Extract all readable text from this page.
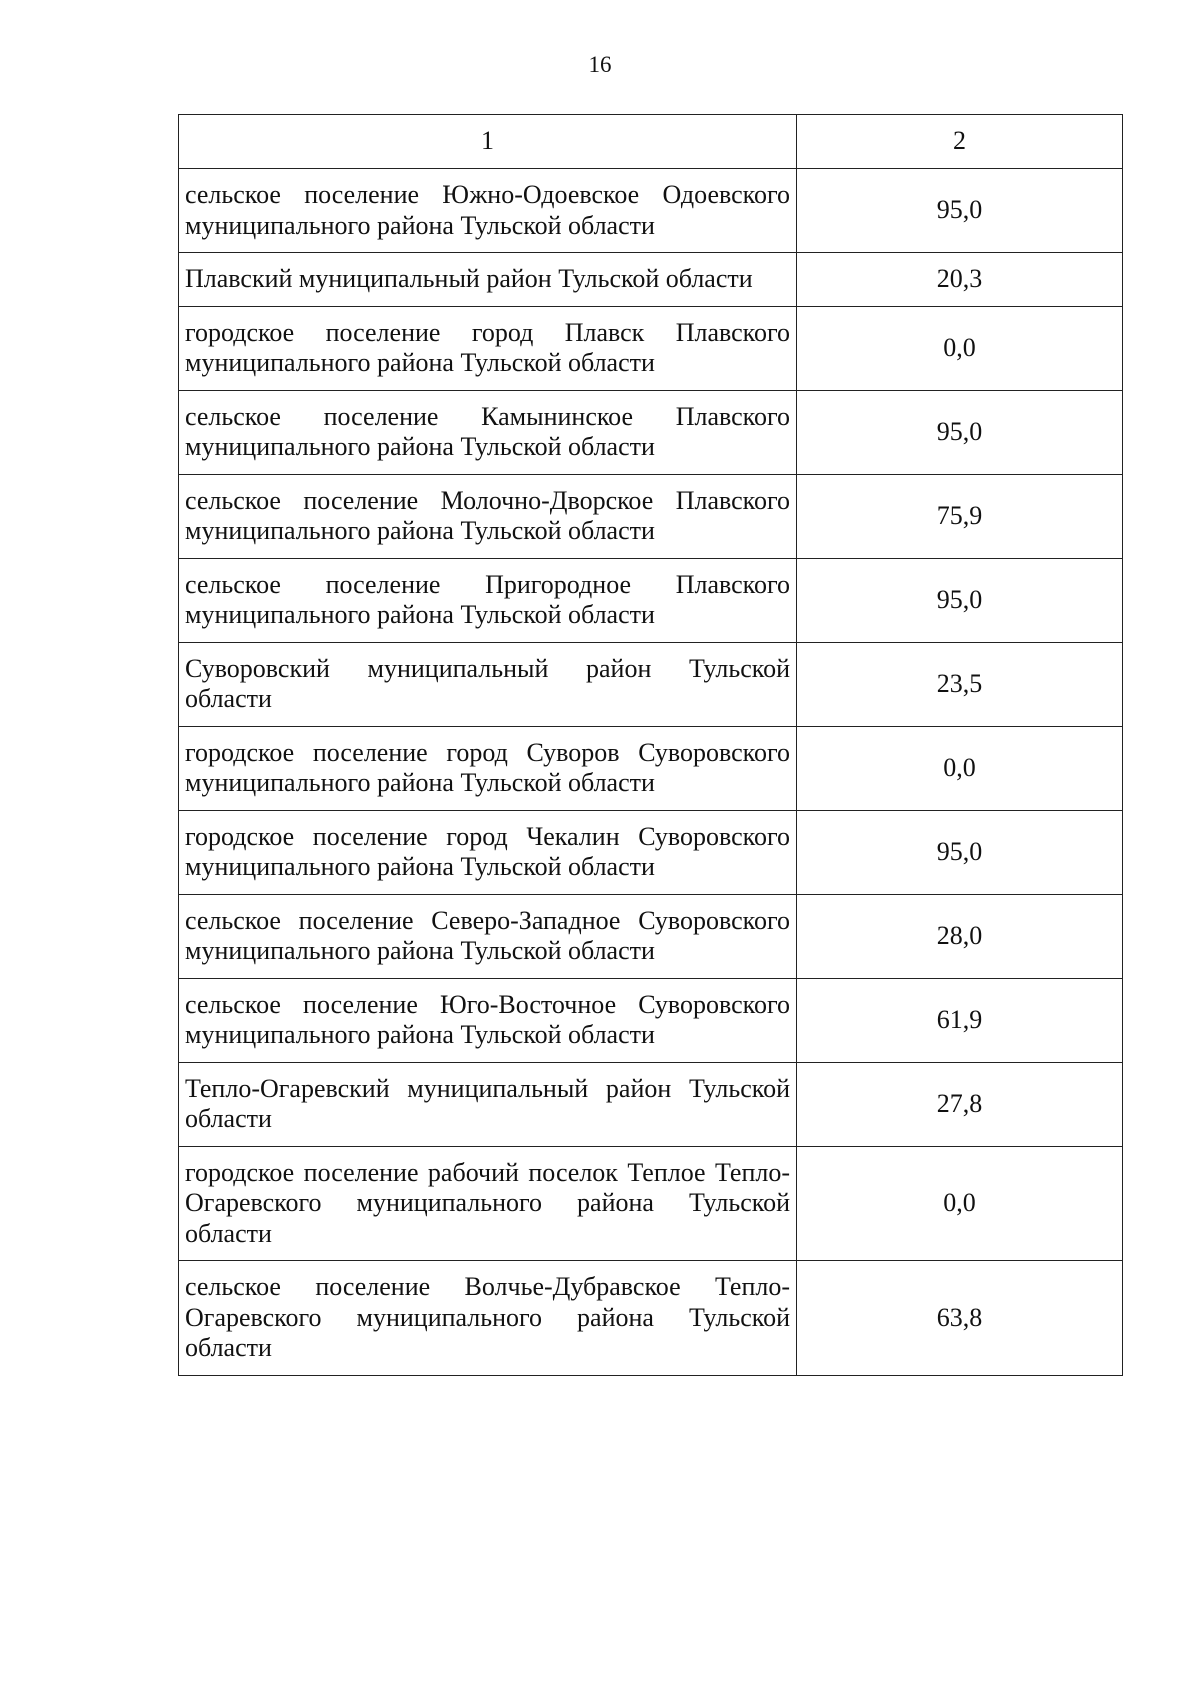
16
1	2
сельское поселение Южно-Одоевское Одоевского муниципального района Тульской области	95,0
Плавский муниципальный район Тульской области	20,3
городское поселение город Плавск Плавского муниципального района Тульской области	0,0
сельское поселение Камынинское Плавского муниципального района Тульской области	95,0
сельское поселение Молочно-Дворское Плавского муниципального района Тульской области	75,9
сельское поселение Пригородное Плавского муниципального района Тульской области	95,0
Суворовский муниципальный район Тульской области	23,5
городское поселение город Суворов Суворовского муниципального района Тульской области	0,0
городское поселение город Чекалин Суворовского муниципального района Тульской области	95,0
сельское поселение Северо-Западное Суворовского муниципального района Тульской области	28,0
сельское поселение Юго-Восточное Суворовского муниципального района Тульской области	61,9
Тепло-Огаревский муниципальный район Тульской области	27,8
городское поселение рабочий поселок Теплое Тепло-Огаревского муниципального района Тульской области	0,0
сельское поселение Волчье-Дубравское Тепло-Огаревского муниципального района Тульской области	63,8
